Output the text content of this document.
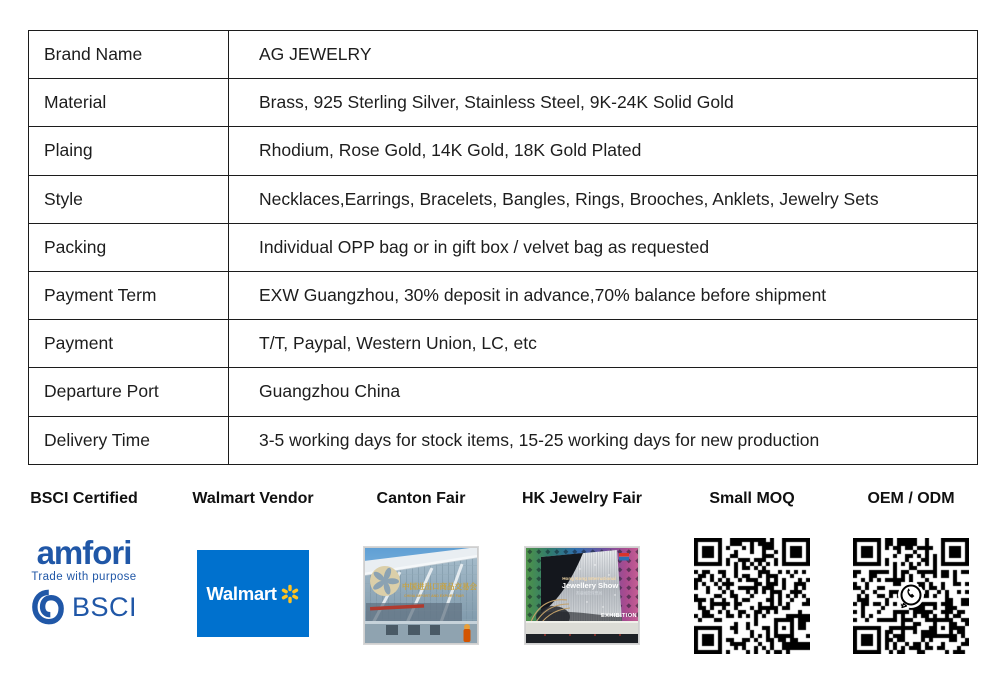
Brand Name	AG JEWELRY
Material	Brass, 925 Sterling Silver, Stainless Steel, 9K-24K Solid Gold
Plaing	Rhodium, Rose Gold, 14K Gold, 18K Gold Plated
Style	Necklaces,Earrings, Bracelets, Bangles, Rings, Brooches, Anklets, Jewelry Sets
Packing	Individual OPP bag or in gift box / velvet bag as requested
Payment Term	EXW Guangzhou, 30% deposit in advance,70% balance before shipment
Payment	T/T, Paypal, Western Union, LC, etc
Departure Port	Guangzhou China
Delivery Time	3-5 working days for stock items, 15-25 working days for new production
BSCI Certified
amfori
Trade with purpose
BSCI
Walmart Vendor
Walmart
Canton Fair
中国进出口商品交易会
CHINA IMPORT AND EXPORT FAIR
HK Jewelry Fair
Hong Kong International
Jewellery Show
香港國際珠寶展
EXHIBITION
Small MOQ	OEM / ODM
